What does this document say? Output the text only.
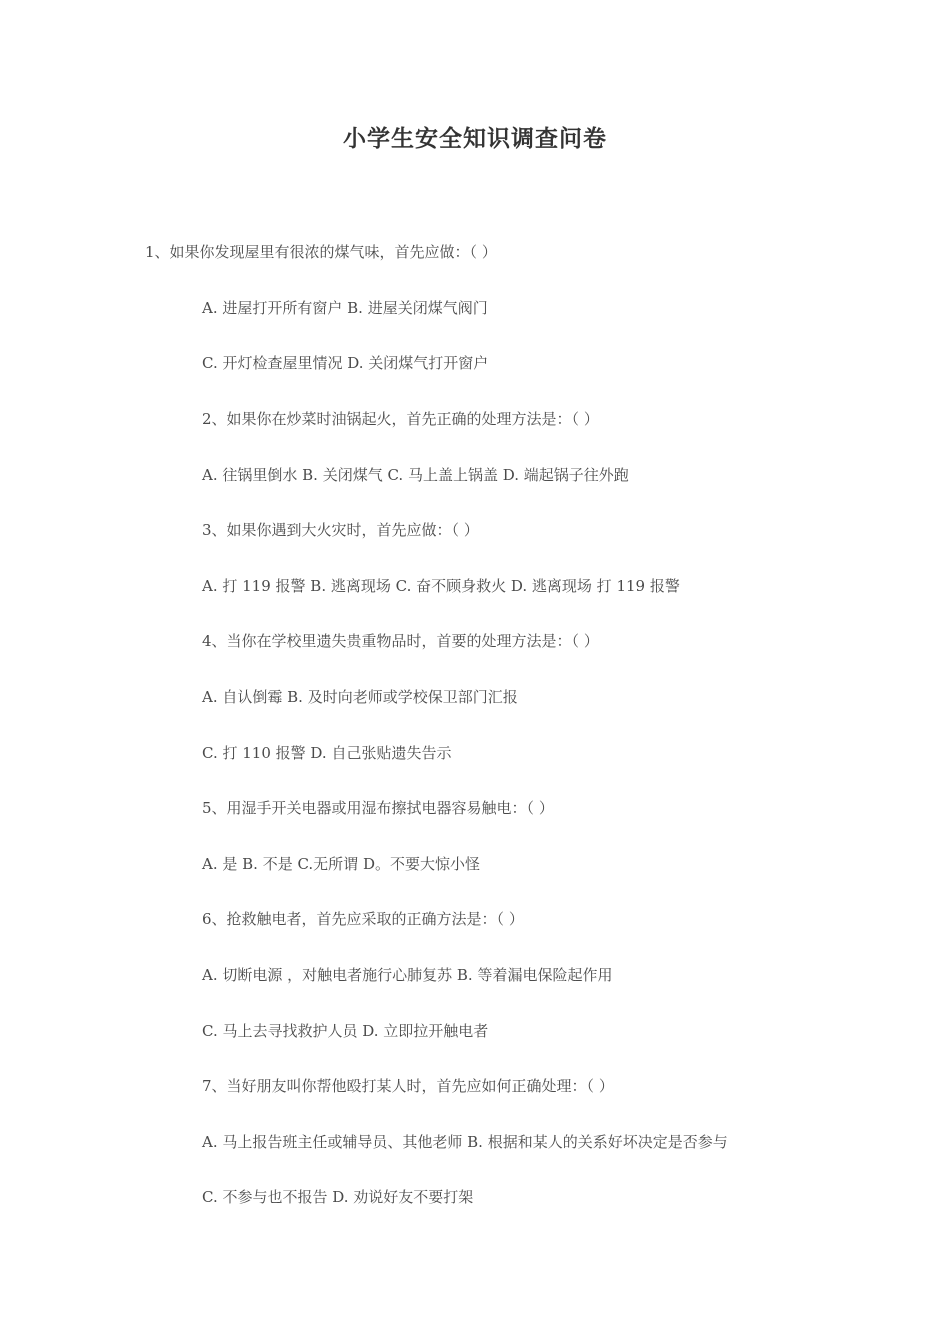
小学生安全知识调查问卷
1、如果你发现屋里有很浓的煤气味，首先应做：（ ）
A. 进屋打开所有窗户 B. 进屋关闭煤气阀门
C. 开灯检查屋里情况 D. 关闭煤气打开窗户
2、如果你在炒菜时油锅起火，首先正确的处理方法是：（ ）
A. 往锅里倒水 B. 关闭煤气 C. 马上盖上锅盖 D. 端起锅子往外跑
3、如果你遇到大火灾时，首先应做：（ ）
A. 打 119 报警 B. 逃离现场 C. 奋不顾身救火 D. 逃离现场 打 119 报警
4、当你在学校里遗失贵重物品时，首要的处理方法是：（ ）
A. 自认倒霉 B. 及时向老师或学校保卫部门汇报
C. 打 110 报警 D. 自己张贴遗失告示
5、用湿手开关电器或用湿布擦拭电器容易触电：（ ）
A. 是 B. 不是 C.无所谓 D。不要大惊小怪
6、抢救触电者，首先应采取的正确方法是：（ ）
A. 切断电源 ，对触电者施行心肺复苏 B. 等着漏电保险起作用
C. 马上去寻找救护人员 D. 立即拉开触电者
7、当好朋友叫你帮他殴打某人时，首先应如何正确处理：（ ）
A. 马上报告班主任或辅导员、其他老师 B. 根据和某人的关系好坏决定是否参与
C. 不参与也不报告 D. 劝说好友不要打架
